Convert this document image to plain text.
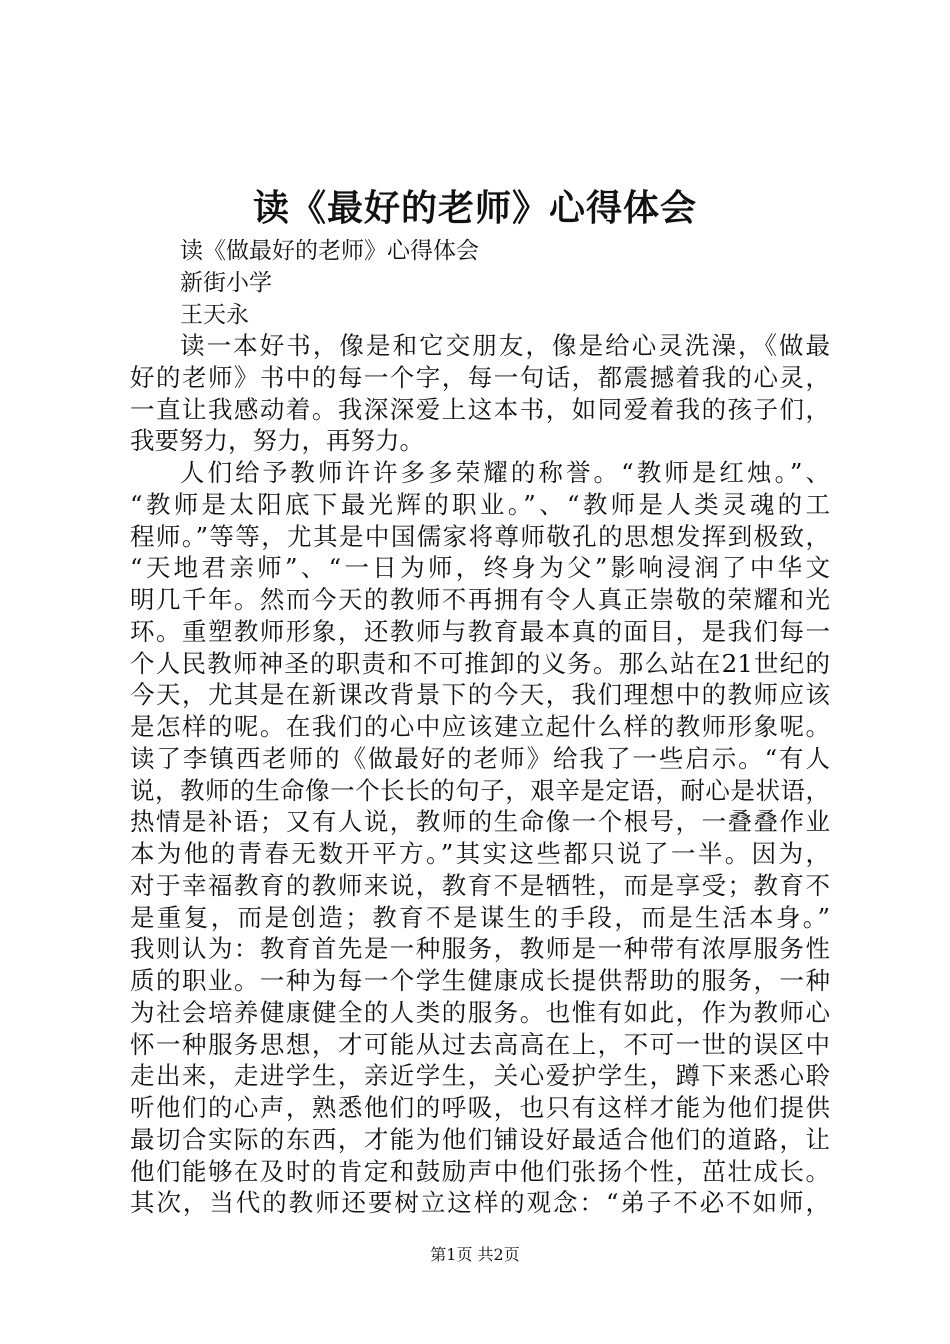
读《最好的老师》心得体会

读《做最好的老师》心得体会

新街小学

王天永

读一本好书，像是和它交朋友，像是给心灵洗澡，《做最
好的老师》书中的每一个字，每一句话，都震撼着我的心灵，
一直让我感动着。我深深爱上这本书，如同爱着我的孩子们，
我要努力，努力，再努力。
人们给予教师许许多多荣耀的称誉。“教师是红烛。”、
“教师是太阳底下最光辉的职业。”、“教师是人类灵魂的工
程师。”等等，尤其是中国儒家将尊师敬孔的思想发挥到极致，
“天地君亲师”、“一日为师，终身为父”影响浸润了中华文
明几千年。然而今天的教师不再拥有令人真正崇敬的荣耀和光
环。重塑教师形象，还教师与教育最本真的面目，是我们每一
个人民教师神圣的职责和不可推卸的义务。那么站在21世纪的
今天，尤其是在新课改背景下的今天，我们理想中的教师应该
是怎样的呢。在我们的心中应该建立起什么样的教师形象呢。
读了李镇西老师的《做最好的老师》给我了一些启示。“有人
说，教师的生命像一个长长的句子，艰辛是定语，耐心是状语，
热情是补语；又有人说，教师的生命像一个根号，一叠叠作业
本为他的青春无数开平方。”其实这些都只说了一半。因为，
对于幸福教育的教师来说，教育不是牺牲，而是享受；教育不
是重复，而是创造；教育不是谋生的手段，而是生活本身。”
我则认为：教育首先是一种服务，教师是一种带有浓厚服务性
质的职业。一种为每一个学生健康成长提供帮助的服务，一种
为社会培养健康健全的人类的服务。也惟有如此，作为教师心
怀一种服务思想，才可能从过去高高在上，不可一世的误区中
走出来，走进学生，亲近学生，关心爱护学生，蹲下来悉心聆
听他们的心声，熟悉他们的呼吸，也只有这样才能为他们提供
最切合实际的东西，才能为他们铺设好最适合他们的道路，让
他们能够在及时的肯定和鼓励声中他们张扬个性，茁壮成长。
其次，当代的教师还要树立这样的观念：“弟子不必不如师，

第1页 共2页
